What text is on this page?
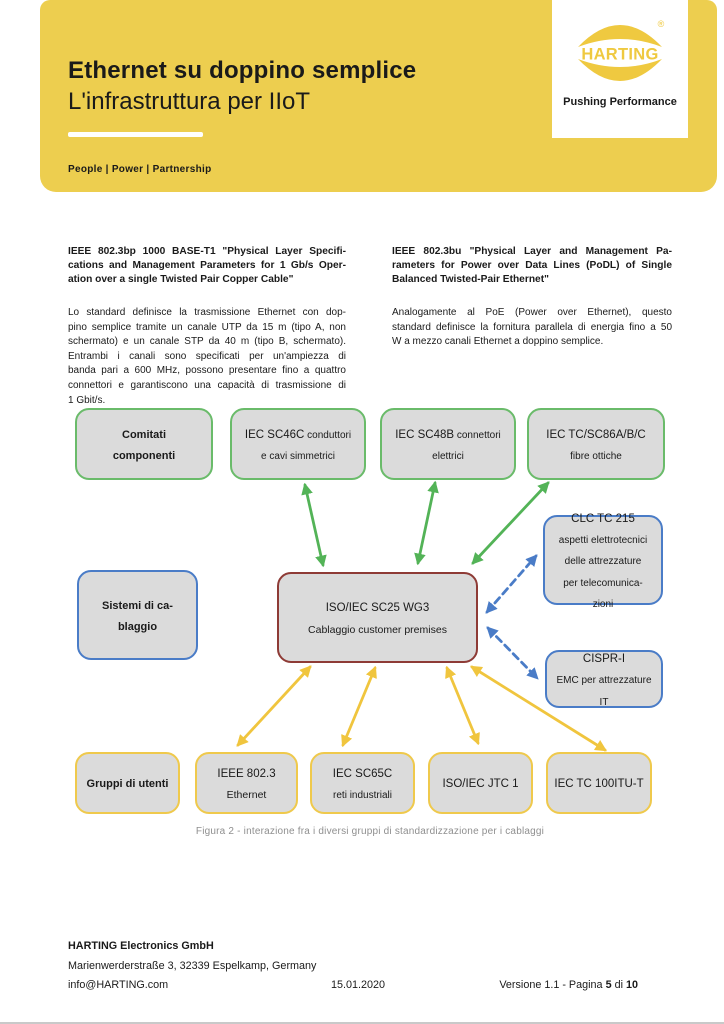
Ethernet su doppino semplice
L'infrastruttura per IIoT
People | Power | Partnership
HARTING
®
Pushing Performance
IEEE 802.3bp 1000 BASE-T1 "Physical Layer Specifi-
cations and Management Parameters for 1 Gb/s Oper-
ation over a single Twisted Pair Copper Cable"
Lo standard definisce la trasmissione Ethernet con dop-
pino semplice tramite un canale UTP da 15 m (tipo A, non
schermato) e un canale STP da 40 m (tipo B, schermato).
Entrambi i canali sono specificati per un'ampiezza di
banda pari a 600 MHz, possono presentare fino a quattro
connettori e garantiscono una capacità di trasmissione di
1 Gbit/s.
IEEE 802.3bu "Physical Layer and Management Pa-
rameters for Power over Data Lines (PoDL) of Single
Balanced Twisted-Pair Ethernet"
Analogamente al PoE (Power over Ethernet), questo
standard definisce la fornitura parallela di energia fino a 50
W a mezzo canali Ethernet a doppino semplice.
Comitati
componenti
IEC SC46C conduttori
e cavi simmetrici
IEC SC48B connettori
elettrici
IEC TC/SC86A/B/C
fibre ottiche
Sistemi di ca-
blaggio
ISO/IEC SC25 WG3
Cablaggio customer premises
CLC TC 215
aspetti elettrotecnici
delle attrezzature
per telecomunica-
zioni
CISPR-I
EMC per attrezzature
IT
Gruppi di utenti
IEEE 802.3
Ethernet
IEC SC65C
reti industriali
ISO/IEC JTC 1	IEC TC 100ITU-T
Figura 2 - interazione fra i diversi gruppi di standardizzazione per i cablaggi
HARTING Electronics GmbH
Marienwerderstraße 3, 32339 Espelkamp, Germany
info@HARTING.com	15.01.2020	Versione 1.1 - Pagina 5 di 10
